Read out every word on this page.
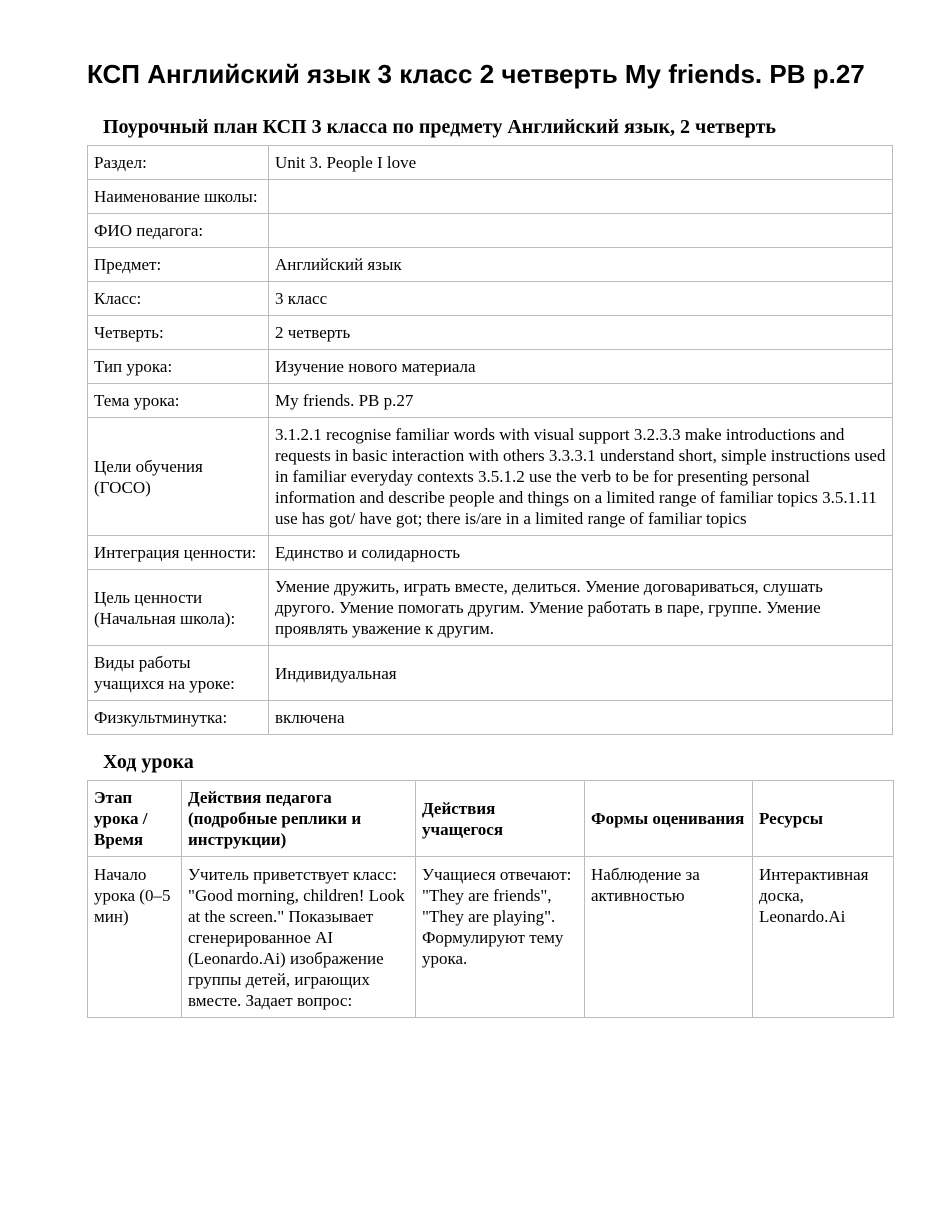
КСП Английский язык 3 класс 2 четверть My friends. PB p.27
Поурочный план КСП 3 класса по предмету Английский язык, 2 четверть
Раздел:	Unit 3. People I love
Наименование школы:	
ФИО педагога:	
Предмет:	Английский язык
Класс:	3 класс
Четверть:	2 четверть
Тип урока:	Изучение нового материала
Тема урока:	My friends. PB p.27
Цели обучения (ГОСО)	3.1.2.1 recognise familiar words with visual support 3.2.3.3 make introductions and requests in basic interaction with others 3.3.3.1 understand short, simple instructions used in familiar everyday contexts 3.5.1.2 use the verb to be for presenting personal information and describe people and things on a limited range of familiar topics 3.5.1.11 use has got/ have got; there is/are in a limited range of familiar topics
Интеграция ценности:	Единство и солидарность
Цель ценности (Начальная школа):	Умение дружить, играть вместе, делиться. Умение договариваться, слушать другого. Умение помогать другим. Умение работать в паре, группе. Умение проявлять уважение к другим.
Виды работы учащихся на уроке:	Индивидуальная
Физкультминутка:	включена
Ход урока
Этап урока / Время	Действия педагога (подробные реплики и инструкции)	Действия учащегося	Формы оценивания	Ресурсы
Начало урока (0–5 мин)	Учитель приветствует класс: "Good morning, children! Look at the screen." Показывает сгенерированное AI (Leonardo.Ai) изображение группы детей, играющих вместе. Задает вопрос:	Учащиеся отвечают: "They are friends", "They are playing". Формулируют тему урока.	Наблюдение за активностью	Интерактивная доска, Leonardo.Ai
